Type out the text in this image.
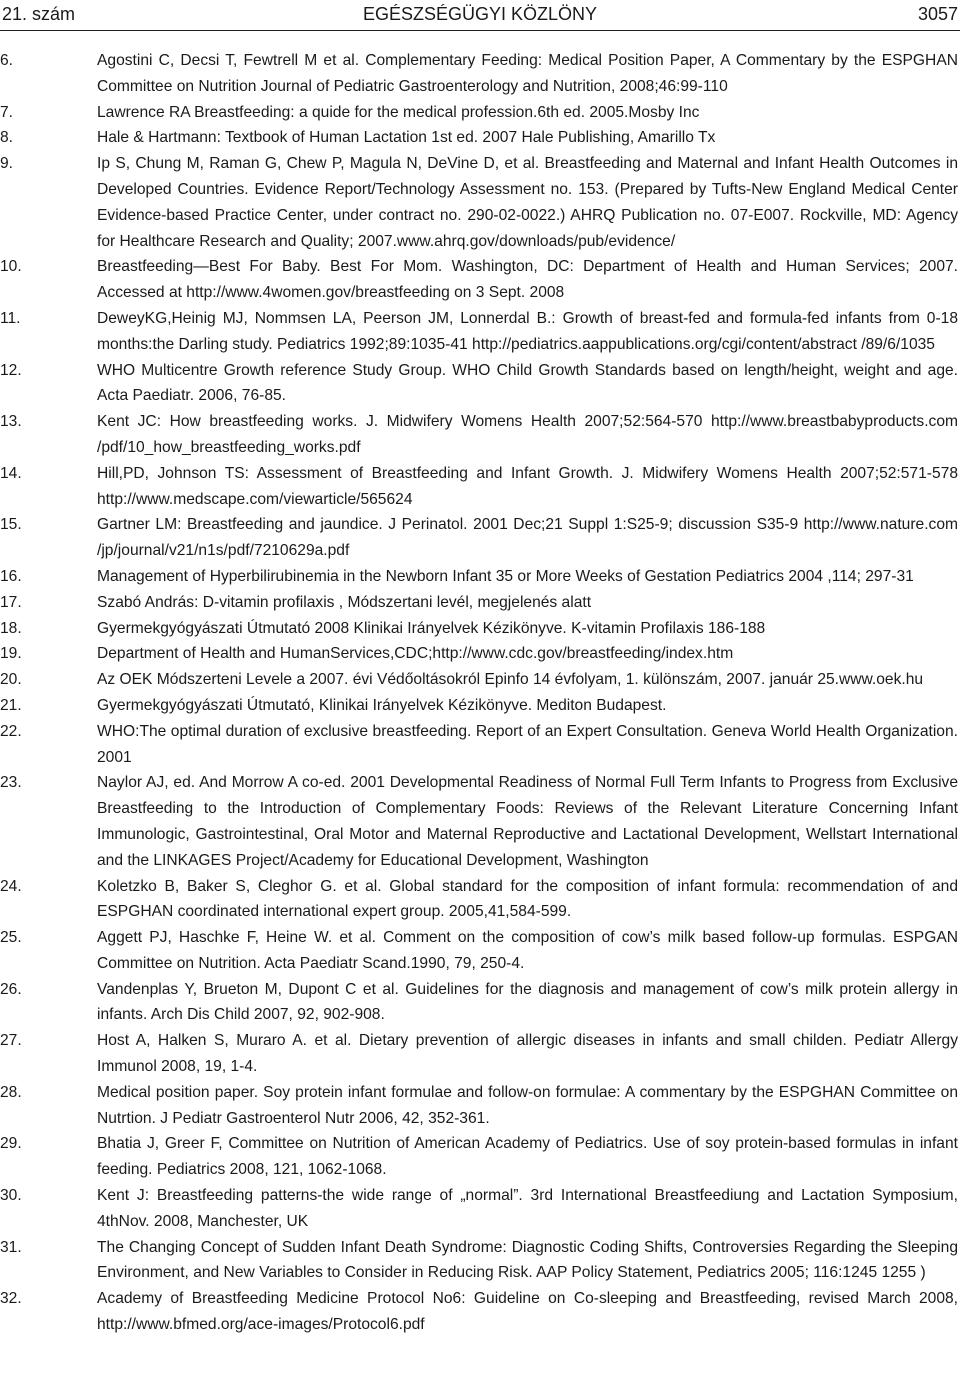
21. szám	EGÉSZSÉGÜGYI KÖZLÖNY	3057
6.	Agostini C, Decsi T, Fewtrell M et al. Complementary Feeding: Medical Position Paper, A Commentary by the ESPGHAN Committee on Nutrition Journal of Pediatric Gastroenterology and Nutrition, 2008;46:99-110
7.	Lawrence RA Breastfeeding: a quide for the medical profession.6th ed. 2005.Mosby Inc
8.	Hale & Hartmann: Textbook of Human Lactation 1st ed. 2007 Hale Publishing, Amarillo Tx
9.	Ip S, Chung M, Raman G, Chew P, Magula N, DeVine D, et al. Breastfeeding and Maternal and Infant Health Outcomes in Developed Countries. Evidence Report/Technology Assessment no. 153. (Prepared by Tufts-New England Medical Center Evidence-based Practice Center, under contract no. 290-02-0022.) AHRQ Publication no. 07-E007. Rockville, MD: Agency for Healthcare Research and Quality; 2007.www.ahrq.gov/downloads/pub/evidence/
10.	Breastfeeding—Best For Baby. Best For Mom. Washington, DC: Department of Health and Human Services; 2007. Accessed at http://www.4women.gov/breastfeeding on 3 Sept. 2008
11.	DeweyKG,Heinig MJ, Nommsen LA, Peerson JM, Lonnerdal B.: Growth of breast-fed and formula-fed infants from 0-18 months:the Darling study. Pediatrics 1992;89:1035-41 http://pediatrics.aappublications.org/cgi/content/abstract /89/6/1035
12.	WHO Multicentre Growth reference Study Group. WHO Child Growth Standards based on length/height, weight and age. Acta Paediatr. 2006, 76-85.
13.	Kent JC: How breastfeeding works. J. Midwifery Womens Health 2007;52:564-570 http://www.breastbabyproducts.com /pdf/10_how_breastfeeding_works.pdf
14.	Hill,PD, Johnson TS: Assessment of Breastfeeding and Infant Growth. J. Midwifery Womens Health 2007;52:571-578 http://www.medscape.com/viewarticle/565624
15.	Gartner LM: Breastfeeding and jaundice. J Perinatol. 2001 Dec;21 Suppl 1:S25-9; discussion S35-9 http://www.nature.com /jp/journal/v21/n1s/pdf/7210629a.pdf
16.	Management of Hyperbilirubinemia in the Newborn Infant 35 or More Weeks of Gestation Pediatrics 2004 ,114; 297-31
17.	Szabó András: D-vitamin profilaxis , Módszertani levél, megjelenés alatt
18.	Gyermekgyógyászati Útmutató 2008 Klinikai Irányelvek Kézikönyve. K-vitamin Profilaxis 186-188
19.	Department of Health and HumanServices,CDC;http://www.cdc.gov/breastfeeding/index.htm
20.	Az OEK Módszerteni Levele a 2007. évi Védőoltásokról Epinfo 14 évfolyam, 1. különszám, 2007. január 25.www.oek.hu
21.	Gyermekgyógyászati Útmutató, Klinikai Irányelvek Kézikönyve. Mediton Budapest.
22.	WHO:The optimal duration of exclusive breastfeeding. Report of an Expert Consultation. Geneva World Health Organization. 2001
23.	Naylor AJ, ed. And Morrow A co-ed. 2001 Developmental Readiness of Normal Full Term Infants to Progress from Exclusive Breastfeeding to the Introduction of Complementary Foods: Reviews of the Relevant Literature Concerning Infant Immunologic, Gastrointestinal, Oral Motor and Maternal Reproductive and Lactational Development, Wellstart International and the LINKAGES Project/Academy for Educational Development, Washington
24.	Koletzko B, Baker S, Cleghor G. et al. Global standard for the composition of infant formula: recommendation of and ESPGHAN coordinated international expert group. 2005,41,584-599.
25.	Aggett PJ, Haschke F, Heine W. et al. Comment on the composition of cow’s milk based follow-up formulas. ESPGAN Committee on Nutrition. Acta Paediatr Scand.1990, 79, 250-4.
26.	Vandenplas Y, Brueton M, Dupont C et al. Guidelines for the diagnosis and management of cow’s milk protein allergy in infants. Arch Dis Child 2007, 92, 902-908.
27.	Host A, Halken S, Muraro A. et al. Dietary prevention of allergic diseases in infants and small childen. Pediatr Allergy Immunol 2008, 19, 1-4.
28.	Medical position paper. Soy protein infant formulae and follow-on formulae: A commentary by the ESPGHAN Committee on Nutrtion. J Pediatr Gastroenterol Nutr 2006, 42, 352-361.
29.	Bhatia J, Greer F, Committee on Nutrition of American Academy of Pediatrics. Use of soy protein-based formulas in infant feeding. Pediatrics 2008, 121, 1062-1068.
30.	Kent J: Breastfeeding patterns-the wide range of „normal”. 3rd International Breastfeediung and Lactation Symposium, 4thNov. 2008, Manchester, UK
31.	The Changing Concept of Sudden Infant Death Syndrome: Diagnostic Coding Shifts, Controversies Regarding the Sleeping Environment, and New Variables to Consider in Reducing Risk. AAP Policy Statement, Pediatrics 2005; 116:1245 1255 )
32.	Academy of Breastfeeding Medicine Protocol No6: Guideline on Co-sleeping and Breastfeeding, revised March 2008, http://www.bfmed.org/ace-images/Protocol6.pdf
